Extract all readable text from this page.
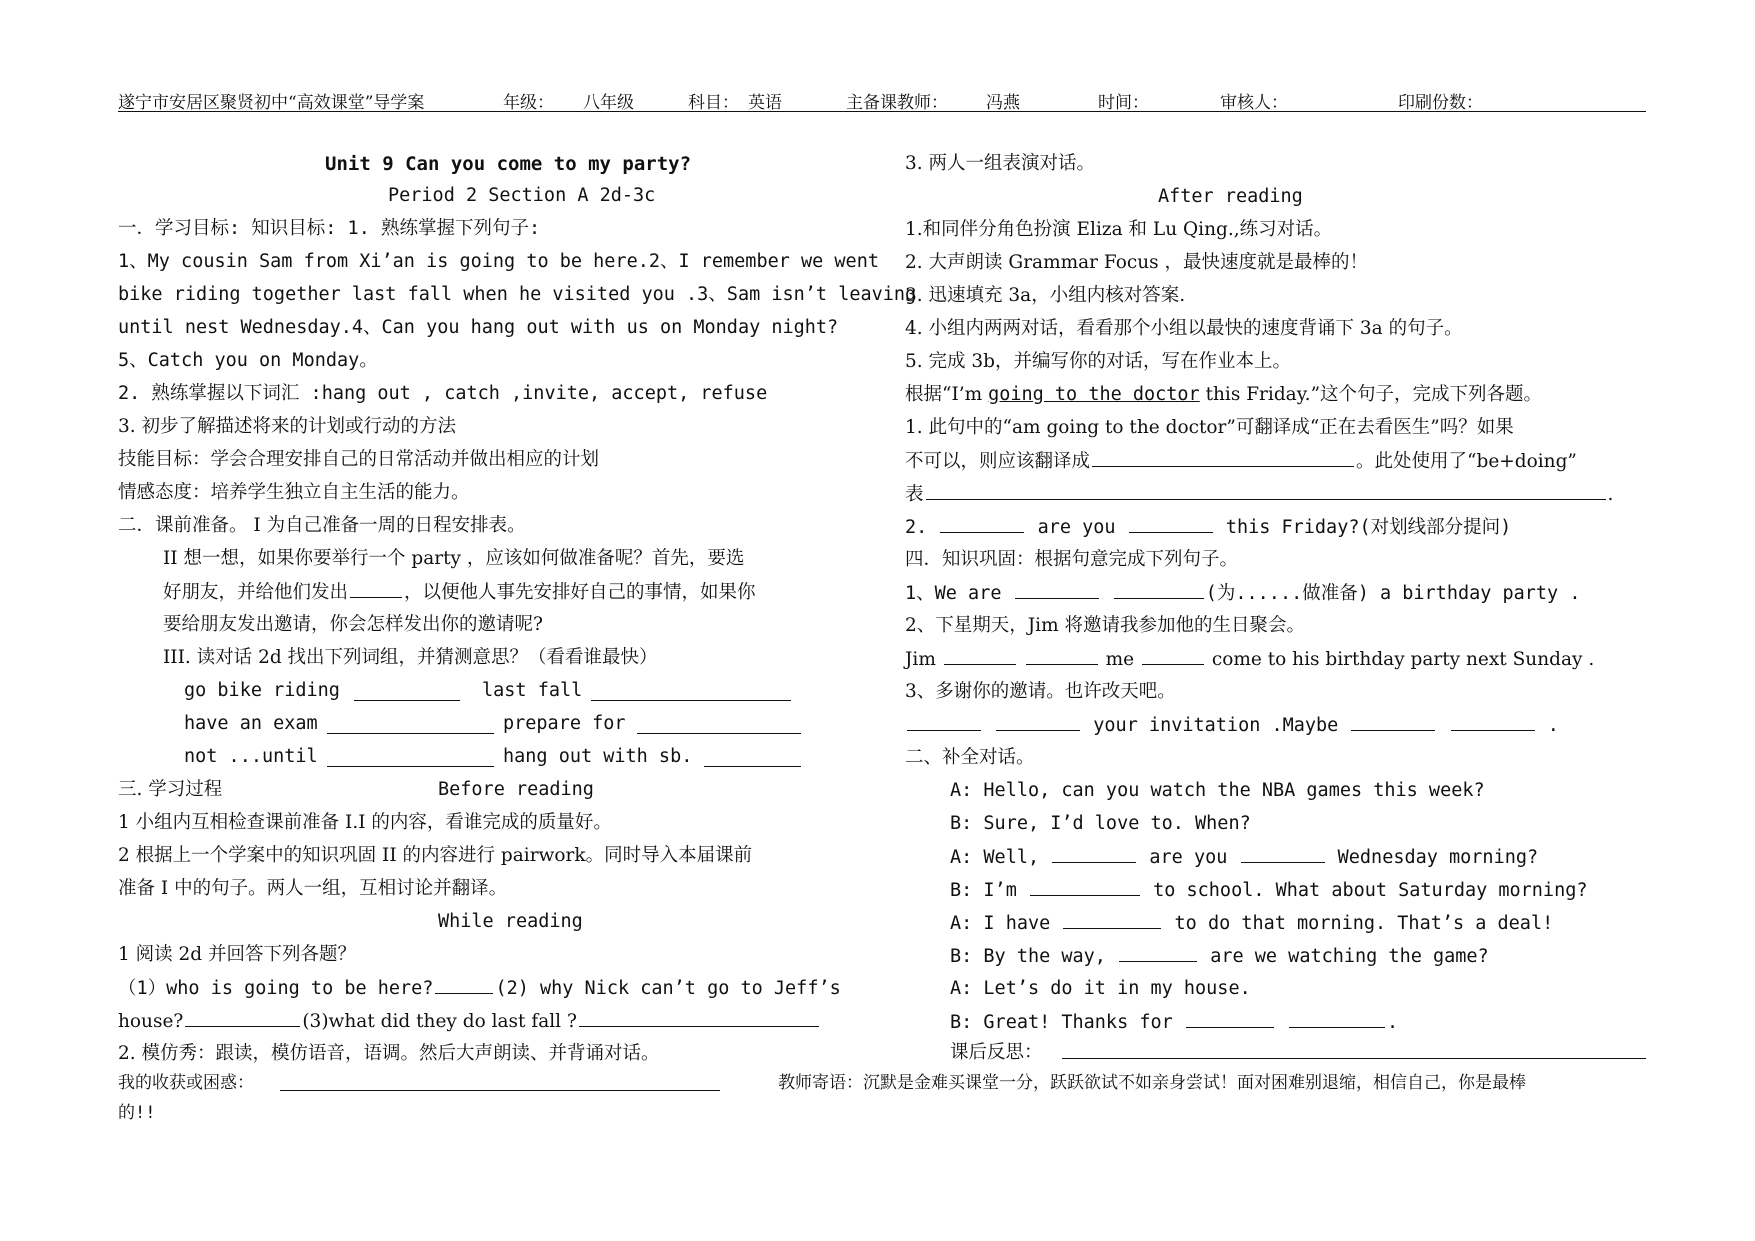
遂宁市安居区聚贤初中“高效课堂”导学案	年级： 八年级	科目： 英语	主备课教师： 冯燕	时间：	审核人：	印刷份数：
Unit 9 Can you come to my party?
Period 2 Section A 2d-3c
一．学习目标: 知识目标: 1. 熟练掌握下列句子:
1、My cousin Sam from Xi’an is going to be here.2、I remember we went
bike riding together last fall when he visited you .3、Sam isn’t leaving
until nest Wednesday.4、Can you hang out with us on Monday night?
5、Catch you on Monday。
2. 熟练掌握以下词汇 :hang out , catch ,invite, accept, refuse
3. 初步了解描述将来的计划或行动的方法
技能目标：学会合理安排自己的日常活动并做出相应的计划
情感态度：培养学生独立自主生活的能力。
二．课前准备。 I 为自己准备一周的日程安排表。
II 想一想，如果你要举行一个 party ，应该如何做准备呢？首先，要选
好朋友，并给他们发出	，以便他人事先安排好自己的事情，如果你
要给朋友发出邀请，你会怎样发出你的邀请呢?
III. 读对话 2d 找出下列词组，并猜测意思？（看看谁最快）
go bike riding	last fall
have an exam	prepare for
not ...until	hang out with sb.
三. 学习过程	Before reading
1 小组内互相检查课前准备 I.I 的内容，看谁完成的质量好。
2 根据上一个学案中的知识巩固 II 的内容进行 pairwork。同时导入本届课前
准备 I 中的句子。两人一组，互相讨论并翻译。
While reading
1 阅读 2d 并回答下列各题？
（1）who is going to be here?	(2) why Nick can’t go to Jeff’s
house?	(3)what did they do last fall ?
2. 模仿秀：跟读，模仿语音，语调。然后大声朗读、并背诵对话。
我的收获或困惑：
的!!
3. 两人一组表演对话。
After reading
1.和同伴分角色扮演 Eliza 和 Lu Qing.,练习对话。
2. 大声朗读 Grammar Focus ，最快速度就是最棒的！
3. 迅速填充 3a，小组内核对答案.
4. 小组内两两对话，看看那个小组以最快的速度背诵下 3a 的句子。
5. 完成 3b，并编写你的对话，写在作业本上。
根据“I’m going to the doctor this Friday.”这个句子，完成下列各题。
1. 此句中的“am going to the doctor”可翻译成“正在去看医生”吗？如果
不可以，则应该翻译成	。此处使用了“be+doing”
表	.
2.	are you	this Friday?(对划线部分提问)
四．知识巩固：根据句意完成下列句子。
1、We are	(为......做准备) a birthday party .
2、下星期天，Jim 将邀请我参加他的生日聚会。
Jim	me	come to his birthday party next Sunday .
3、多谢你的邀请。也许改天吧。
your invitation .Maybe	.
二、补全对话。
A: Hello, can you watch the NBA games this week?
B: Sure, I’d love to. When?
A: Well,	are you	Wednesday morning?
B: I’m	to school. What about Saturday morning?
A: I have	to do that morning. That’s a deal!
B: By the way,	are we watching the game?
A: Let’s do it in my house.
B: Great! Thanks for	.
课后反思：
教师寄语：沉默是金难买课堂一分，跃跃欲试不如亲身尝试！面对困难别退缩，相信自己，你是最棒
